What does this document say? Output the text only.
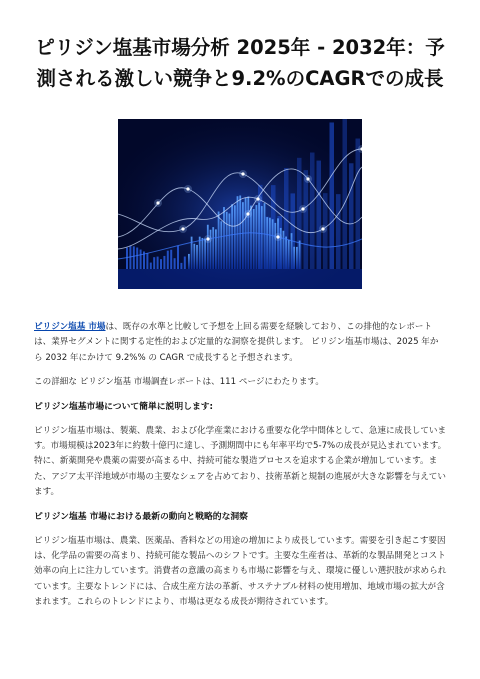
ピリジン塩基市場分析 2025年 - 2032年：予測される激しい競争と9.2%のCAGRでの成長

ピリジン塩基 市場は、既存の水準と比較して予想を上回る需要を経験しており、この排他的なレポートは、業界セグメントに関する定性的および定量的な洞察を提供します。 ピリジン塩基市場は、2025 年から 2032 年にかけて 9.2%% の CAGR で成長すると予想されます。

この詳細な ピリジン塩基 市場調査レポートは、111 ページにわたります。

ピリジン塩基市場について簡単に説明します:

ピリジン塩基市場は、製薬、農業、および化学産業における重要な化学中間体として、急速に成長しています。市場規模は2023年に約数十億円に達し、予測期間中にも年率平均で5-7%の成長が見込まれています。特に、新薬開発や農薬の需要が高まる中、持続可能な製造プロセスを追求する企業が増加しています。また、アジア太平洋地域が市場の主要なシェアを占めており、技術革新と規制の進展が大きな影響を与えています。

ピリジン塩基 市場における最新の動向と戦略的な洞察

ピリジン塩基市場は、農業、医薬品、香料などの用途の増加により成長しています。需要を引き起こす要因は、化学品の需要の高まり、持続可能な製品へのシフトです。主要な生産者は、革新的な製品開発とコスト効率の向上に注力しています。消費者の意識の高まりも市場に影響を与え、環境に優しい選択肢が求められています。主要なトレンドには、合成生産方法の革新、サステナブル材料の使用増加、地域市場の拡大が含まれます。これらのトレンドにより、市場は更なる成長が期待されています。
